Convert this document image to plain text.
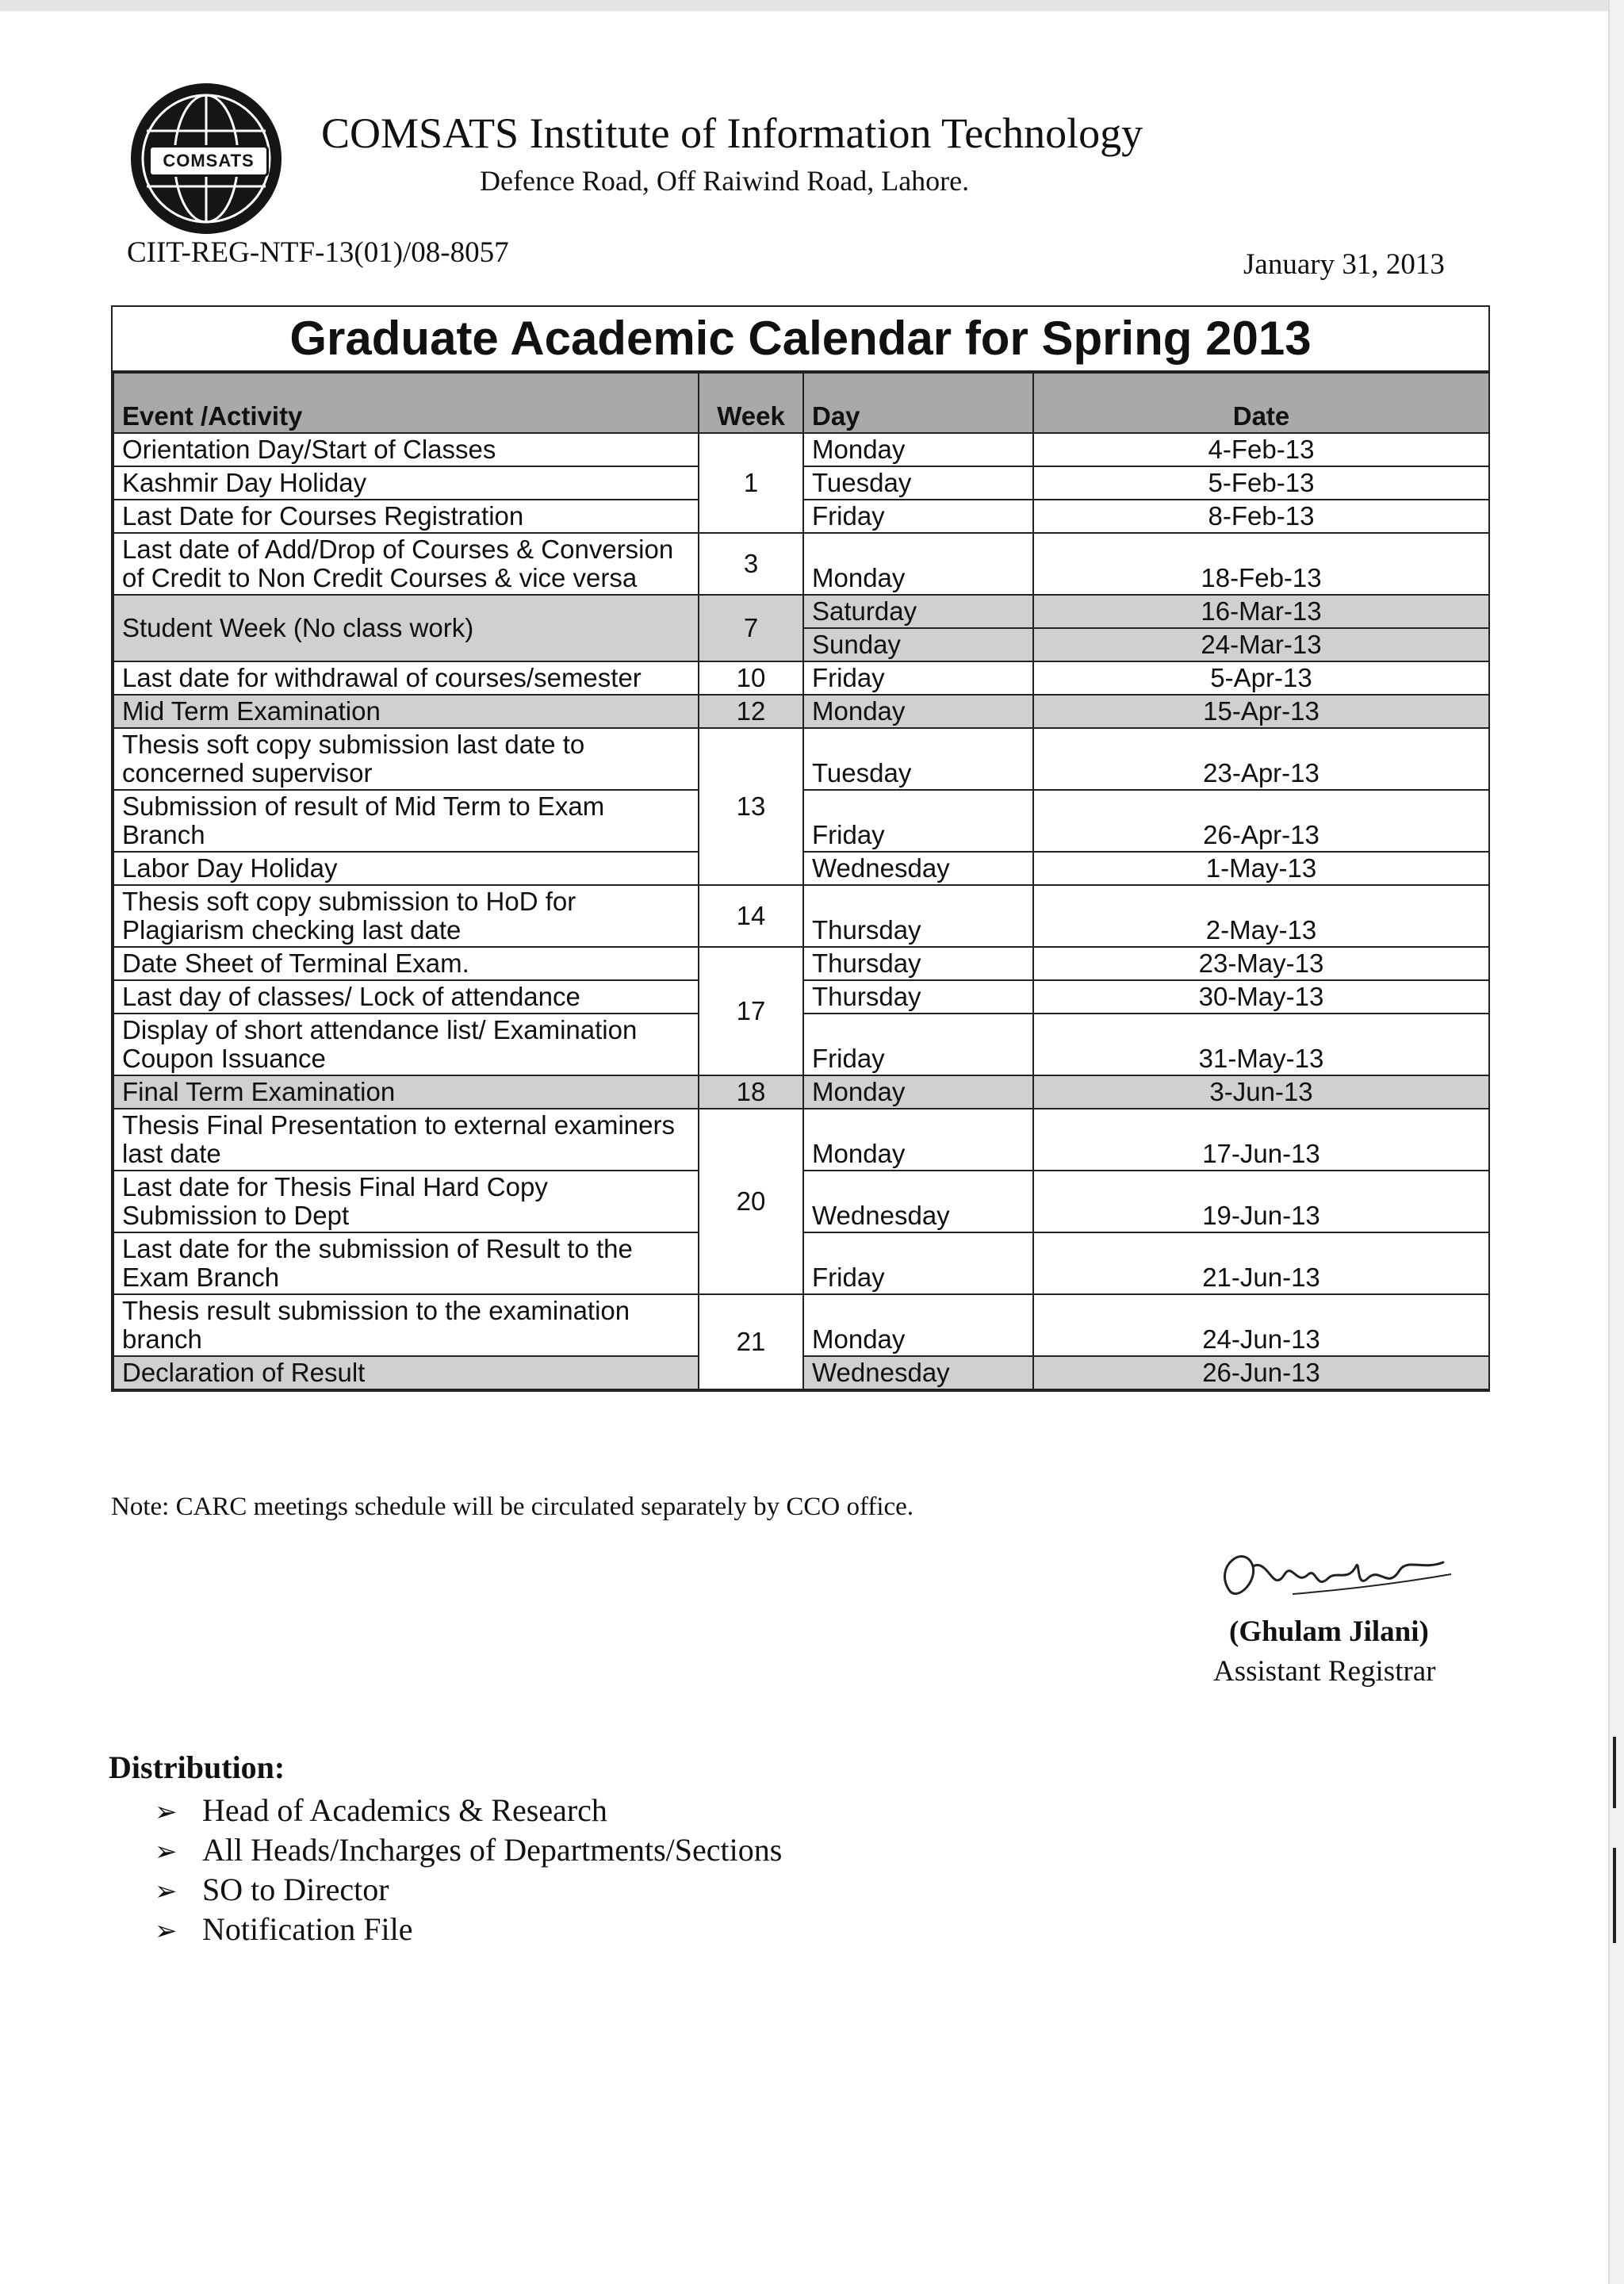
COMSATS
COMSATS Institute of Information Technology
Defence Road, Off Raiwind Road, Lahore.
CIIT-REG-NTF-13(01)/08-8057	January 31, 2013
Graduate Academic Calendar for Spring 2013
Event /Activity	Week	Day	Date
Orientation Day/Start of Classes	1	Monday	4-Feb-13
Kashmir Day Holiday		Tuesday	5-Feb-13
Last Date for Courses Registration		Friday	8-Feb-13
Last date of Add/Drop of Courses & Conversion of Credit to Non Credit Courses & vice versa	3	Monday	18-Feb-13
Student Week (No class work)	7	Saturday	16-Mar-13
		Sunday	24-Mar-13
Last date for withdrawal of courses/semester	10	Friday	5-Apr-13
Mid Term Examination	12	Monday	15-Apr-13
Thesis soft copy submission last date to concerned supervisor	13	Tuesday	23-Apr-13
Submission of result of Mid Term to Exam Branch		Friday	26-Apr-13
Labor Day Holiday		Wednesday	1-May-13
Thesis soft copy submission to HoD for Plagiarism checking last date	14	Thursday	2-May-13
Date Sheet of Terminal Exam.	17	Thursday	23-May-13
Last day of classes/ Lock of attendance		Thursday	30-May-13
Display of short attendance list/ Examination Coupon Issuance		Friday	31-May-13
Final Term Examination	18	Monday	3-Jun-13
Thesis Final Presentation to external examiners last date	20	Monday	17-Jun-13
Last date for Thesis Final Hard Copy Submission to Dept		Wednesday	19-Jun-13
Last date for the submission of Result to the Exam Branch		Friday	21-Jun-13
Thesis result submission to the examination branch	21	Monday	24-Jun-13
Declaration of Result		Wednesday	26-Jun-13
Note: CARC meetings schedule will be circulated separately by CCO office.
(Ghulam Jilani)
Assistant Registrar
Distribution:
➢ Head of Academics & Research
➢ All Heads/Incharges of Departments/Sections
➢ SO to Director
➢ Notification File
